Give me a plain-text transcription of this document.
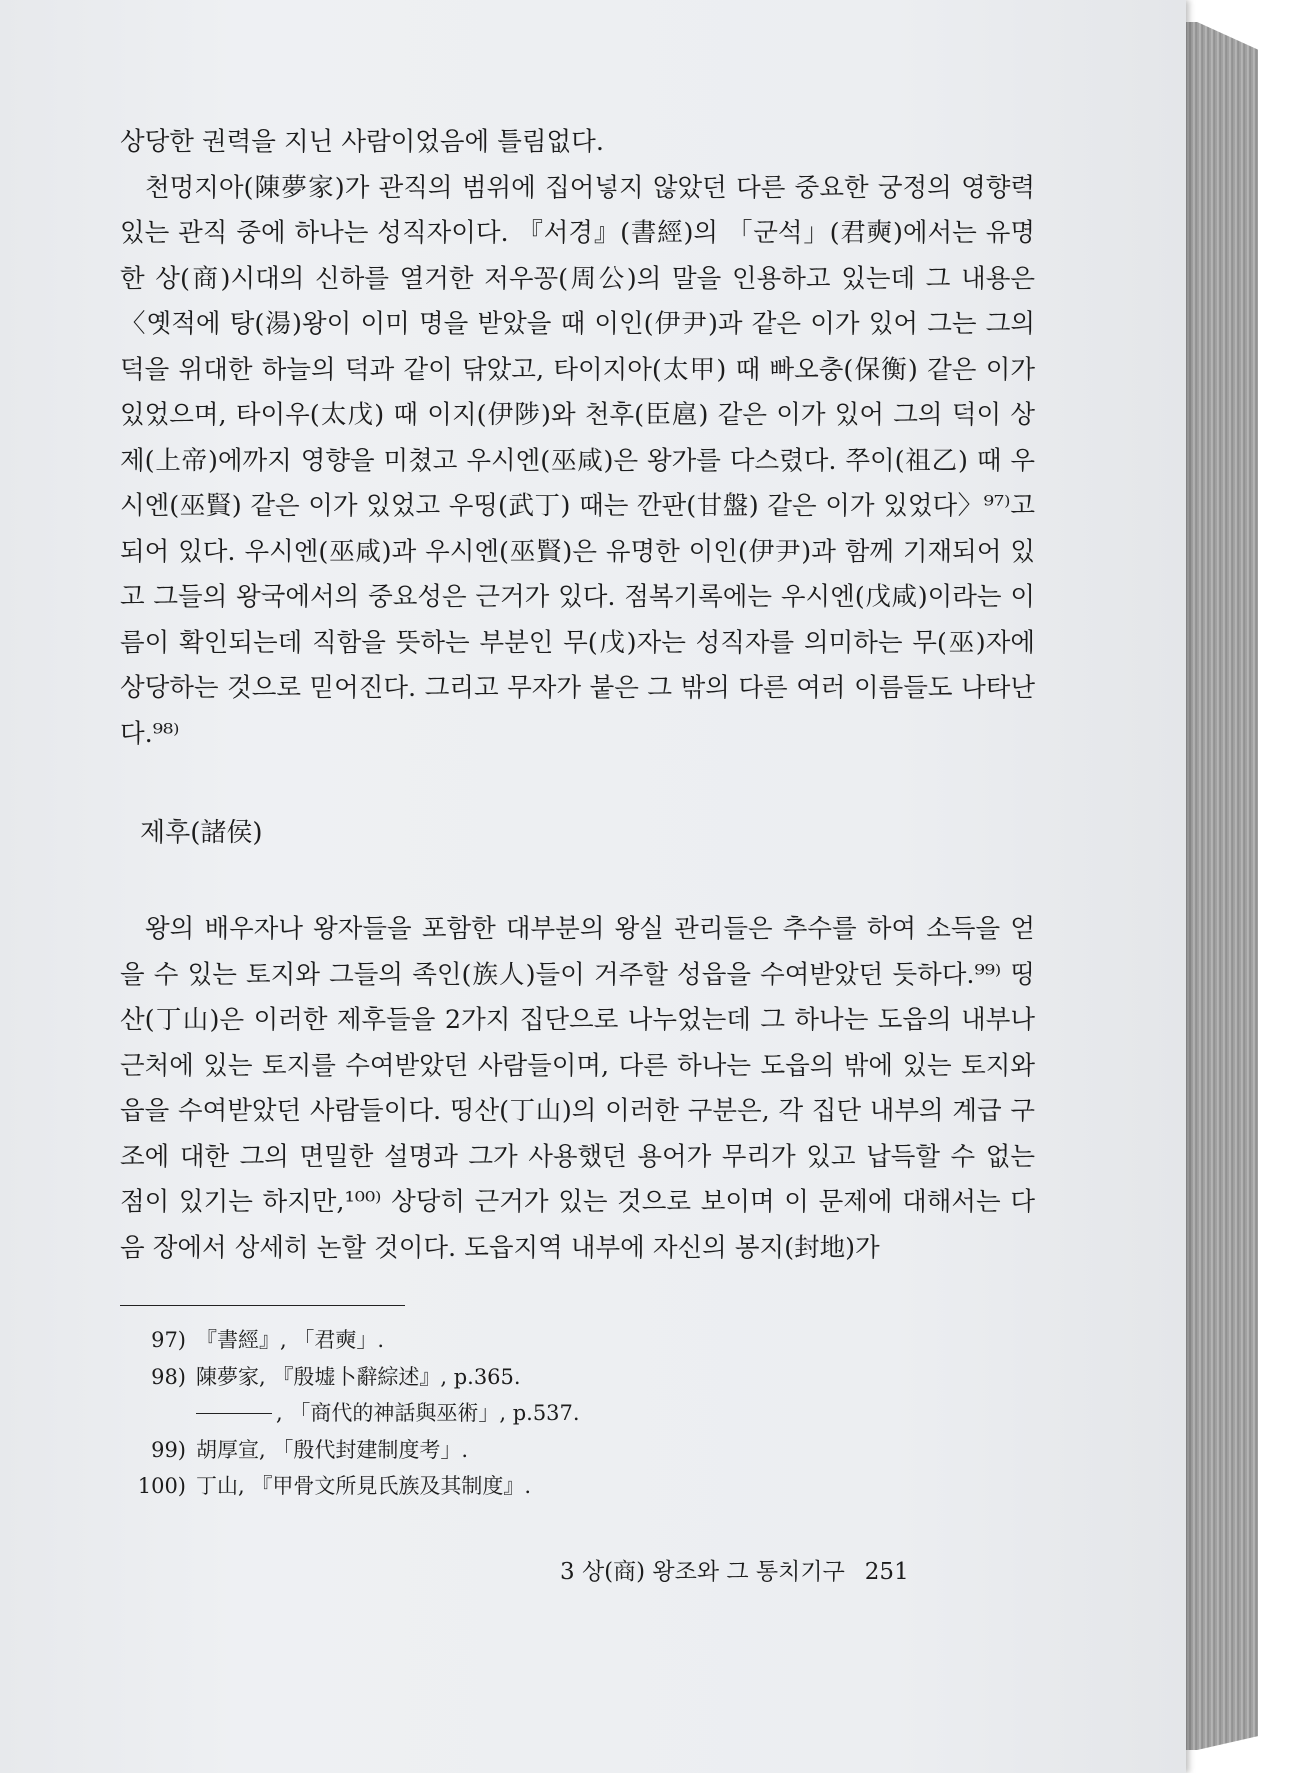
상당한 권력을 지닌 사람이었음에 틀림없다.

천멍지아(陳夢家)가 관직의 범위에 집어넣지 않았던 다른 중요한 궁정의 영향력 있는 관직 중에 하나는 성직자이다. 『서경』(書經)의 「군석」(君奭)에서는 유명한 상(商)시대의 신하를 열거한 저우꽁(周公)의 말을 인용하고 있는데 그 내용은 〈옛적에 탕(湯)왕이 이미 명을 받았을 때 이인(伊尹)과 같은 이가 있어 그는 그의 덕을 위대한 하늘의 덕과 같이 닦았고, 타이지아(太甲) 때 빠오충(保衡) 같은 이가 있었으며, 타이우(太戊) 때 이지(伊陟)와 천후(臣扈) 같은 이가 있어 그의 덕이 상제(上帝)에까지 영향을 미쳤고 우시엔(巫咸)은 왕가를 다스렸다. 쭈이(祖乙) 때 우시엔(巫賢) 같은 이가 있었고 우띵(武丁) 때는 깐판(甘盤) 같은 이가 있었다〉⁹⁷⁾고 되어 있다. 우시엔(巫咸)과 우시엔(巫賢)은 유명한 이인(伊尹)과 함께 기재되어 있고 그들의 왕국에서의 중요성은 근거가 있다. 점복기록에는 우시엔(戊咸)이라는 이름이 확인되는데 직함을 뜻하는 부분인 무(戊)자는 성직자를 의미하는 무(巫)자에 상당하는 것으로 믿어진다. 그리고 무자가 붙은 그 밖의 다른 여러 이름들도 나타난다.⁹⁸⁾

제후(諸侯)

왕의 배우자나 왕자들을 포함한 대부분의 왕실 관리들은 추수를 하여 소득을 얻을 수 있는 토지와 그들의 족인(族人)들이 거주할 성읍을 수여받았던 듯하다.⁹⁹⁾ 띵산(丁山)은 이러한 제후들을 2가지 집단으로 나누었는데 그 하나는 도읍의 내부나 근처에 있는 토지를 수여받았던 사람들이며, 다른 하나는 도읍의 밖에 있는 토지와 읍을 수여받았던 사람들이다. 띵산(丁山)의 이러한 구분은, 각 집단 내부의 계급 구조에 대한 그의 면밀한 설명과 그가 사용했던 용어가 무리가 있고 납득할 수 없는 점이 있기는 하지만,¹⁰⁰⁾ 상당히 근거가 있는 것으로 보이며 이 문제에 대해서는 다음 장에서 상세히 논할 것이다. 도읍지역 내부에 자신의 봉지(封地)가

97) 『書經』, 「君奭」.

98) 陳夢家, 『殷墟卜辭綜述』, p.365.

, 「商代的神話與巫術」, p.537.

99) 胡厚宣, 「殷代封建制度考」.

100) 丁山, 『甲骨文所見氏族及其制度』.

3 상(商) 왕조와 그 통치기구 251
